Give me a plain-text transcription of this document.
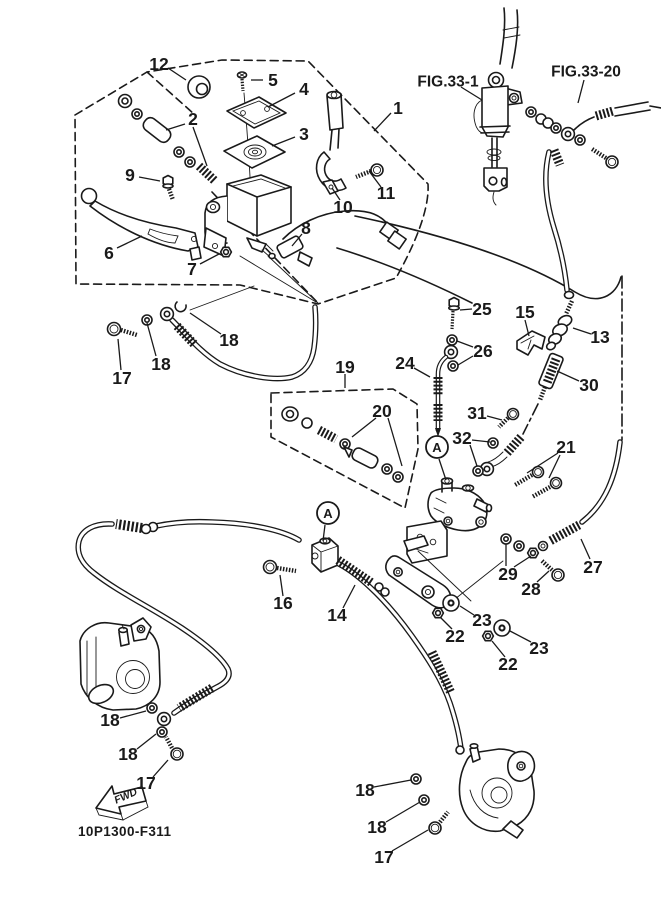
FWD
10P1300-F311
12
5 4
2
3
9
6
7
8
1
10
11
FIG.33-1
FIG.33-20
18
18
17
19
20
24
25
26
15
13
30
31
32	21
29
28
27
23
22
23
22
14
16
18
18
17
18
18
17
A
A
